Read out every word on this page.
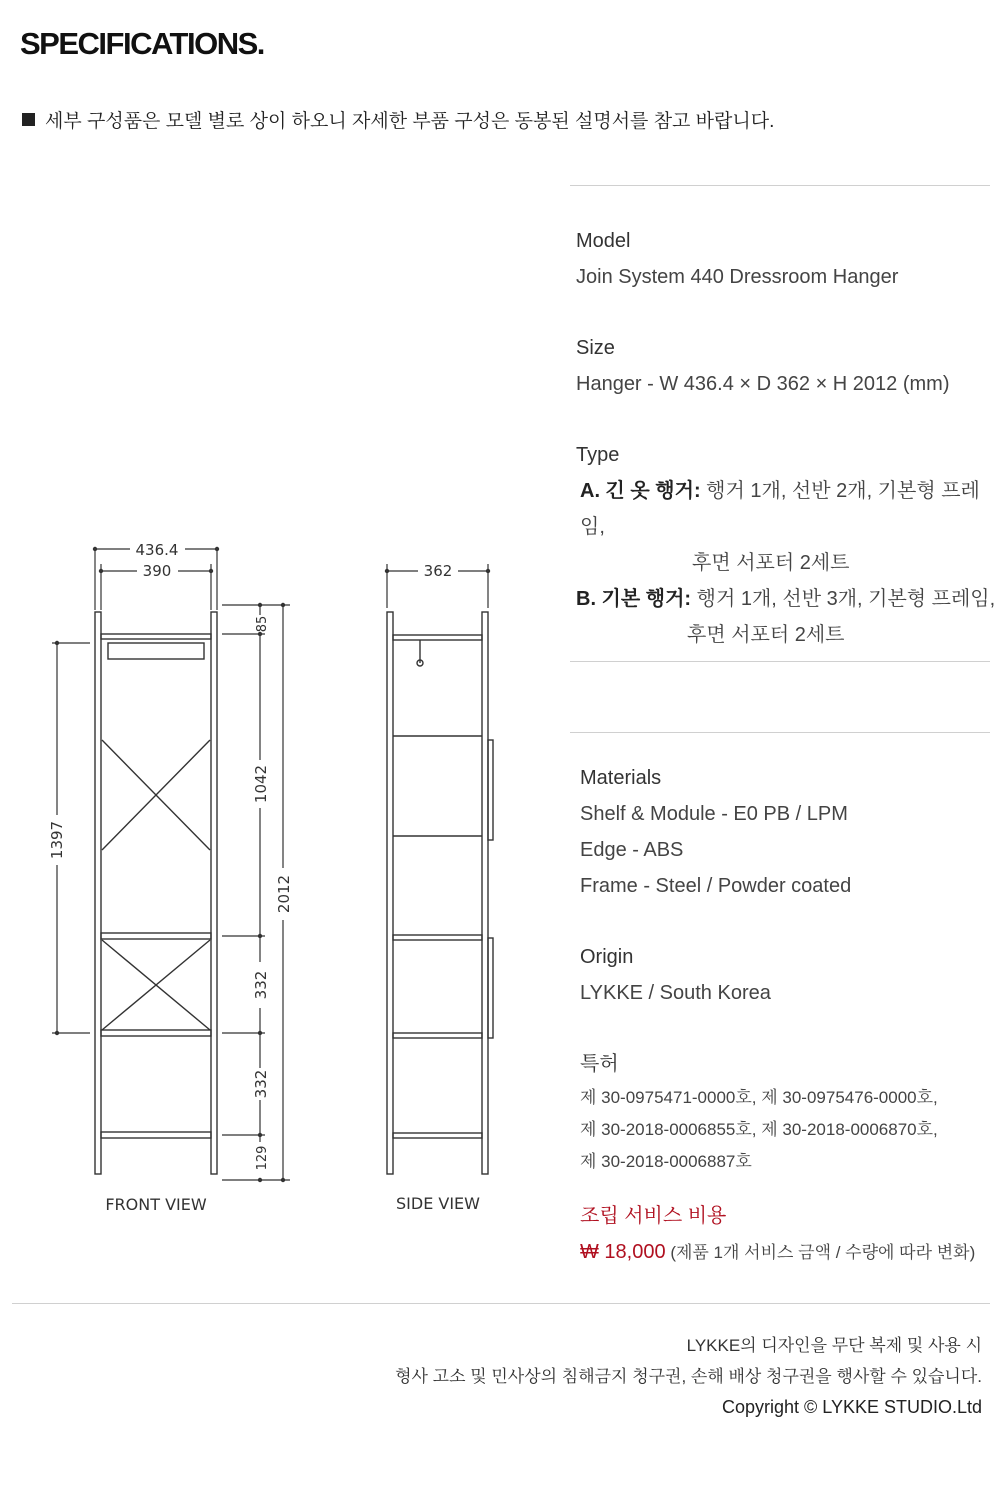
SPECIFICATIONS.
세부 구성품은 모델 별로 상이 하오니 자세한 부품 구성은 동봉된 설명서를 참고 바랍니다.
436.4
390	362
1397
85
1042
332
332
129
2012
FRONT VIEW	SIDE VIEW
Model
Join System 440 Dressroom Hanger
Size
Hanger - W 436.4 × D 362 × H 2012 (mm)
Type
A. 긴 옷 행거: 행거 1개, 선반 2개, 기본형 프레임,
후면 서포터 2세트
B. 기본 행거: 행거 1개, 선반 3개, 기본형 프레임,
후면 서포터 2세트
Materials
Shelf & Module - E0 PB / LPM
Edge - ABS
Frame - Steel / Powder coated
Origin
LYKKE / South Korea
특허
제 30-0975471-0000호, 제 30-0975476-0000호,
제 30-2018-0006855호, 제 30-2018-0006870호,
제 30-2018-0006887호
조립 서비스 비용
₩ 18,000 (제품 1개 서비스 금액 / 수량에 따라 변화)
LYKKE의 디자인을 무단 복제 및 사용 시
형사 고소 및 민사상의 침해금지 청구권, 손해 배상 청구권을 행사할 수 있습니다.
Copyright © LYKKE STUDIO.Ltd
